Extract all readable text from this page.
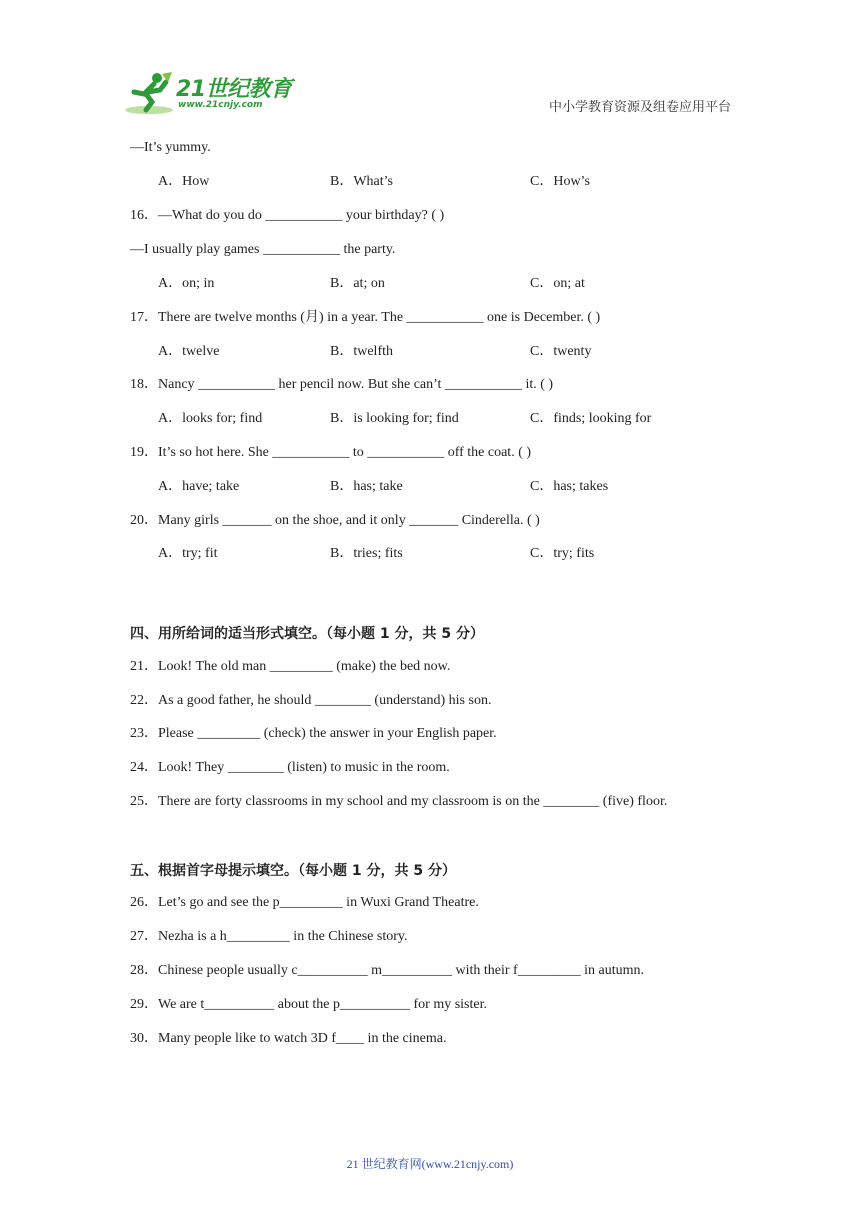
21世纪教育
www.21cnjy.com	中小学教育资源及组卷应用平台
—It’s yummy.
A．How	B．What’s	C．How’s
16．—What do you do ___________ your birthday? ( )
—I usually play games ___________ the party.
A．on; in	B．at; on	C．on; at
17．There are twelve months (月) in a year. The ___________ one is December. ( )
A．twelve	B．twelfth	C．twenty
18．Nancy ___________ her pencil now. But she can’t ___________ it. ( )
A．looks for; find	B．is looking for; find	C．finds; looking for
19．It’s so hot here. She ___________ to ___________ off the coat. ( )
A．have; take	B．has; take	C．has; takes
20．Many girls _______ on the shoe, and it only _______ Cinderella. ( )
A．try; fit	B．tries; fits	C．try; fits
四、用所给词的适当形式填空。（每小题 1 分，共 5 分）
21．Look! The old man _________ (make) the bed now.
22．As a good father, he should ________ (understand) his son.
23．Please _________ (check) the answer in your English paper.
24．Look! They ________ (listen) to music in the room.
25．There are forty classrooms in my school and my classroom is on the ________ (five) floor.
五、根据首字母提示填空。（每小题 1 分，共 5 分）
26．Let’s go and see the p_________ in Wuxi Grand Theatre.
27．Nezha is a h_________ in the Chinese story.
28．Chinese people usually c__________ m__________ with their f_________ in autumn.
29．We are t__________ about the p__________ for my sister.
30．Many people like to watch 3D f____ in the cinema.
21 世纪教育网(www.21cnjy.com)
